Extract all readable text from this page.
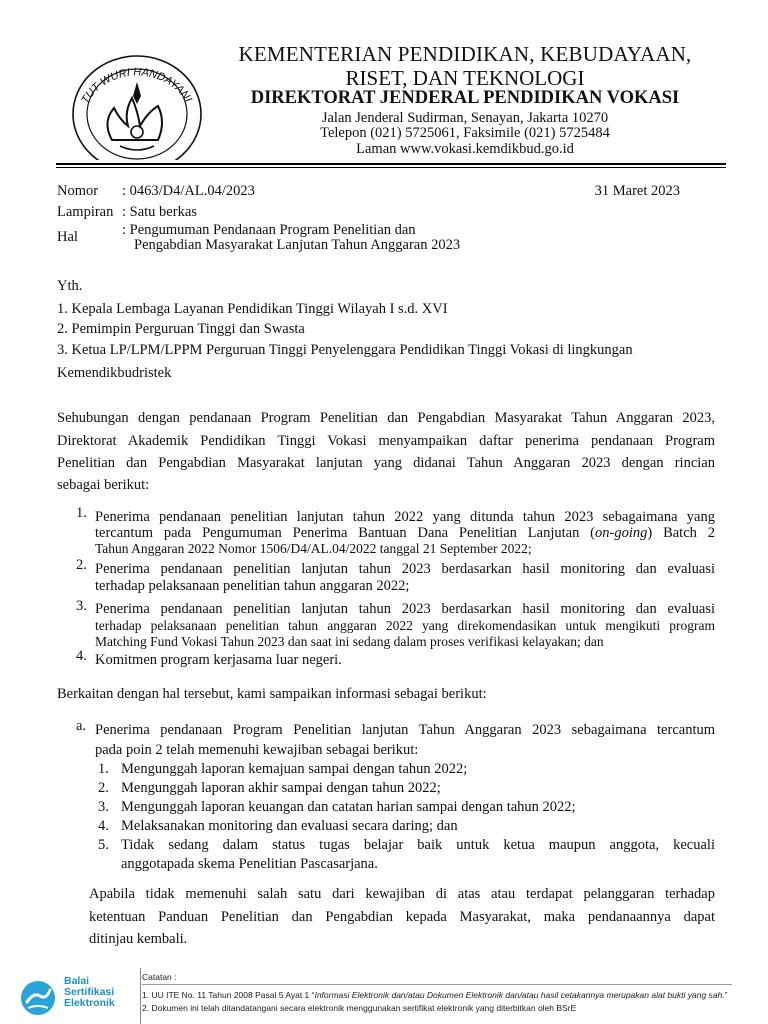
TUT WURI HANDAYANI
KEMENTERIAN PENDIDIKAN, KEBUDAYAAN,
RISET, DAN TEKNOLOGI
DIREKTORAT JENDERAL PENDIDIKAN VOKASI
Jalan Jenderal Sudirman, Senayan, Jakarta 10270
Telepon (021) 5725061, Faksimile (021) 5725484
Laman www.vokasi.kemdikbud.go.id
Nomor : 0463/D4/AL.04/2023	31 Maret 2023
Lampiran : Satu berkas
Hal	: Pengumuman Pendanaan Program Penelitian dan
Pengabdian Masyarakat Lanjutan Tahun Anggaran 2023
Yth.
1. Kepala Lembaga Layanan Pendidikan Tinggi Wilayah I s.d. XVI
2. Pemimpin Perguruan Tinggi dan Swasta
3. Ketua LP/LPM/LPPM Perguruan Tinggi Penyelenggara Pendidikan Tinggi Vokasi di lingkungan
Kemendikbudristek
Sehubungan dengan pendanaan Program Penelitian dan Pengabdian Masyarakat Tahun Anggaran 2023,
Direktorat Akademik Pendidikan Tinggi Vokasi menyampaikan daftar penerima pendanaan Program
Penelitian dan Pengabdian Masyarakat lanjutan yang didanai Tahun Anggaran 2023 dengan rincian
sebagai berikut:
1. Penerima pendanaan penelitian lanjutan tahun 2022 yang ditunda tahun 2023 sebagaimana yang
tercantum pada Pengumuman Penerima Bantuan Dana Penelitian Lanjutan (on-going) Batch 2
Tahun Anggaran 2022 Nomor 1506/D4/AL.04/2022 tanggal 21 September 2022;
2. Penerima pendanaan penelitian lanjutan tahun 2023 berdasarkan hasil monitoring dan evaluasi
terhadap pelaksanaan penelitian tahun anggaran 2022;
3. Penerima pendanaan penelitian lanjutan tahun 2023 berdasarkan hasil monitoring dan evaluasi
terhadap pelaksanaan penelitian tahun anggaran 2022 yang direkomendasikan untuk mengikuti program
Matching Fund Vokasi Tahun 2023 dan saat ini sedang dalam proses verifikasi kelayakan; dan
4. Komitmen program kerjasama luar negeri.
Berkaitan dengan hal tersebut, kami sampaikan informasi sebagai berikut:
a. Penerima pendanaan Program Penelitian lanjutan Tahun Anggaran 2023 sebagaimana tercantum
pada poin 2 telah memenuhi kewajiban sebagai berikut:
1. Mengunggah laporan kemajuan sampai dengan tahun 2022;
2. Mengunggah laporan akhir sampai dengan tahun 2022;
3. Mengunggah laporan keuangan dan catatan harian sampai dengan tahun 2022;
4. Melaksanakan monitoring dan evaluasi secara daring; dan
5. Tidak sedang dalam status tugas belajar baik untuk ketua maupun anggota, kecuali
anggotapada skema Penelitian Pascasarjana.
Apabila tidak memenuhi salah satu dari kewajiban di atas atau terdapat pelanggaran terhadap
ketentuan Panduan Penelitian dan Pengabdian kepada Masyarakat, maka pendanaannya dapat
ditinjau kembali.
Balai
Sertifikasi
Elektronik
Catatan :
1. UU ITE No. 11 Tahun 2008 Pasal 5 Ayat 1 “Informasi Elektronik dan/atau Dokumen Elektronik dan/atau hasil cetakannya merupakan alat bukti yang sah.”
2. Dokumen ini telah ditandatangani secara elektronik menggunakan sertifikat elektronik yang diterbitkan oleh BSrE
